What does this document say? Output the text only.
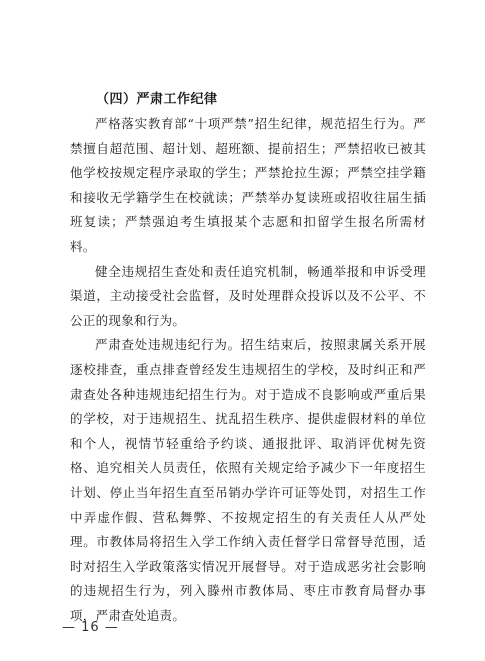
（四）严肃工作纪律

严格落实教育部“十项严禁”招生纪律，规范招生行为。严禁擅自超范围、超计划、超班额、提前招生；严禁招收已被其他学校按规定程序录取的学生；严禁抢拉生源；严禁空挂学籍和接收无学籍学生在校就读；严禁举办复读班或招收往届生插班复读；严禁强迫考生填报某个志愿和扣留学生报名所需材料。

健全违规招生查处和责任追究机制，畅通举报和申诉受理渠道，主动接受社会监督，及时处理群众投诉以及不公平、不公正的现象和行为。

严肃查处违规违纪行为。招生结束后，按照隶属关系开展逐校排查，重点排查曾经发生违规招生的学校，及时纠正和严肃查处各种违规违纪招生行为。对于造成不良影响或严重后果的学校，对于违规招生、扰乱招生秩序、提供虚假材料的单位和个人，视情节轻重给予约谈、通报批评、取消评优树先资格、追究相关人员责任，依照有关规定给予减少下一年度招生计划、停止当年招生直至吊销办学许可证等处罚，对招生工作中弄虚作假、营私舞弊、不按规定招生的有关责任人从严处理。市教体局将招生入学工作纳入责任督学日常督导范围，适时对招生入学政策落实情况开展督导。对于造成恶劣社会影响的违规招生行为，列入滕州市教体局、枣庄市教育局督办事项，严肃查处追责。

— 16 —
